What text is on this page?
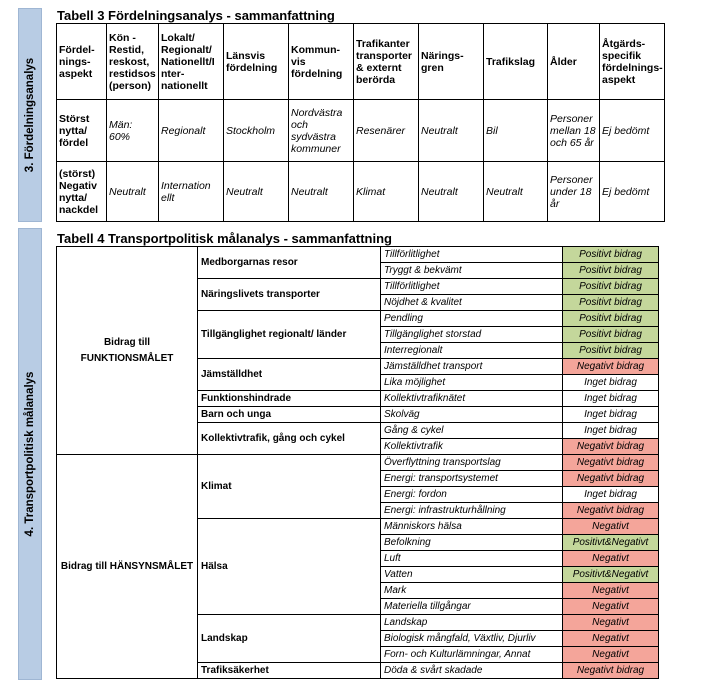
3. Fördelningsanalys
Tabell 3 Fördelningsanalys - sammanfattning
Fördel-nings-aspekt	Kön -Restid, reskost, restidsos (person)	Lokalt/ Regionalt/ Nationellt/I nter-nationellt	Länsvis fördelning	Kommun-vis fördelning	Trafikanter transporter & externt berörda	Närings-gren	Trafikslag	Ålder	Åtgärds-specifik fördelnings-aspekt
Störst nytta/ fördel	Män: 60%	Regionalt	Stockholm	Nordvästra och sydvästra kommuner	Resenärer	Neutralt	Bil	Personer mellan 18 och 65 år	Ej bedömt
(störst) Negativ nytta/ nackdel	Neutralt	Internation ellt	Neutralt	Neutralt	Klimat	Neutralt	Neutralt	Personer under 18 år	Ej bedömt
4. Transportpolitisk målanalys
Tabell 4 Transportpolitisk målanalys - sammanfattning
Bidrag till FUNKTIONSMÅLET	Medborgarnas resor	Tillförlitlighet	Positivt bidrag
		Tryggt & bekvämt	Positivt bidrag
	Näringslivets transporter	Tillförlitlighet	Positivt bidrag
		Nöjdhet & kvalitet	Positivt bidrag
	Tillgänglighet regionalt/ länder	Pendling	Positivt bidrag
		Tillgänglighet storstad	Positivt bidrag
		Interregionalt	Positivt bidrag
	Jämställdhet	Jämställdhet transport	Negativt bidrag
		Lika möjlighet	Inget bidrag
	Funktionshindrade	Kollektivtrafiknätet	Inget bidrag
	Barn och unga	Skolväg	Inget bidrag
	Kollektivtrafik, gång och cykel	Gång & cykel	Inget bidrag
		Kollektivtrafik	Negativt bidrag
Bidrag till HÄNSYNSMÅLET	Klimat	Överflyttning transportslag	Negativt bidrag
		Energi: transportsystemet	Negativt bidrag
		Energi: fordon	Inget bidrag
		Energi: infrastrukturhållning	Negativt bidrag
	Hälsa	Människors hälsa	Negativt
		Befolkning	Positivt&Negativt
		Luft	Negativt
		Vatten	Positivt&Negativt
		Mark	Negativt
		Materiella tillgångar	Negativt
	Landskap	Landskap	Negativt
		Biologisk mångfald, Växtliv, Djurliv	Negativt
		Forn- och Kulturlämningar, Annat	Negativt
	Trafiksäkerhet	Döda & svårt skadade	Negativt bidrag
